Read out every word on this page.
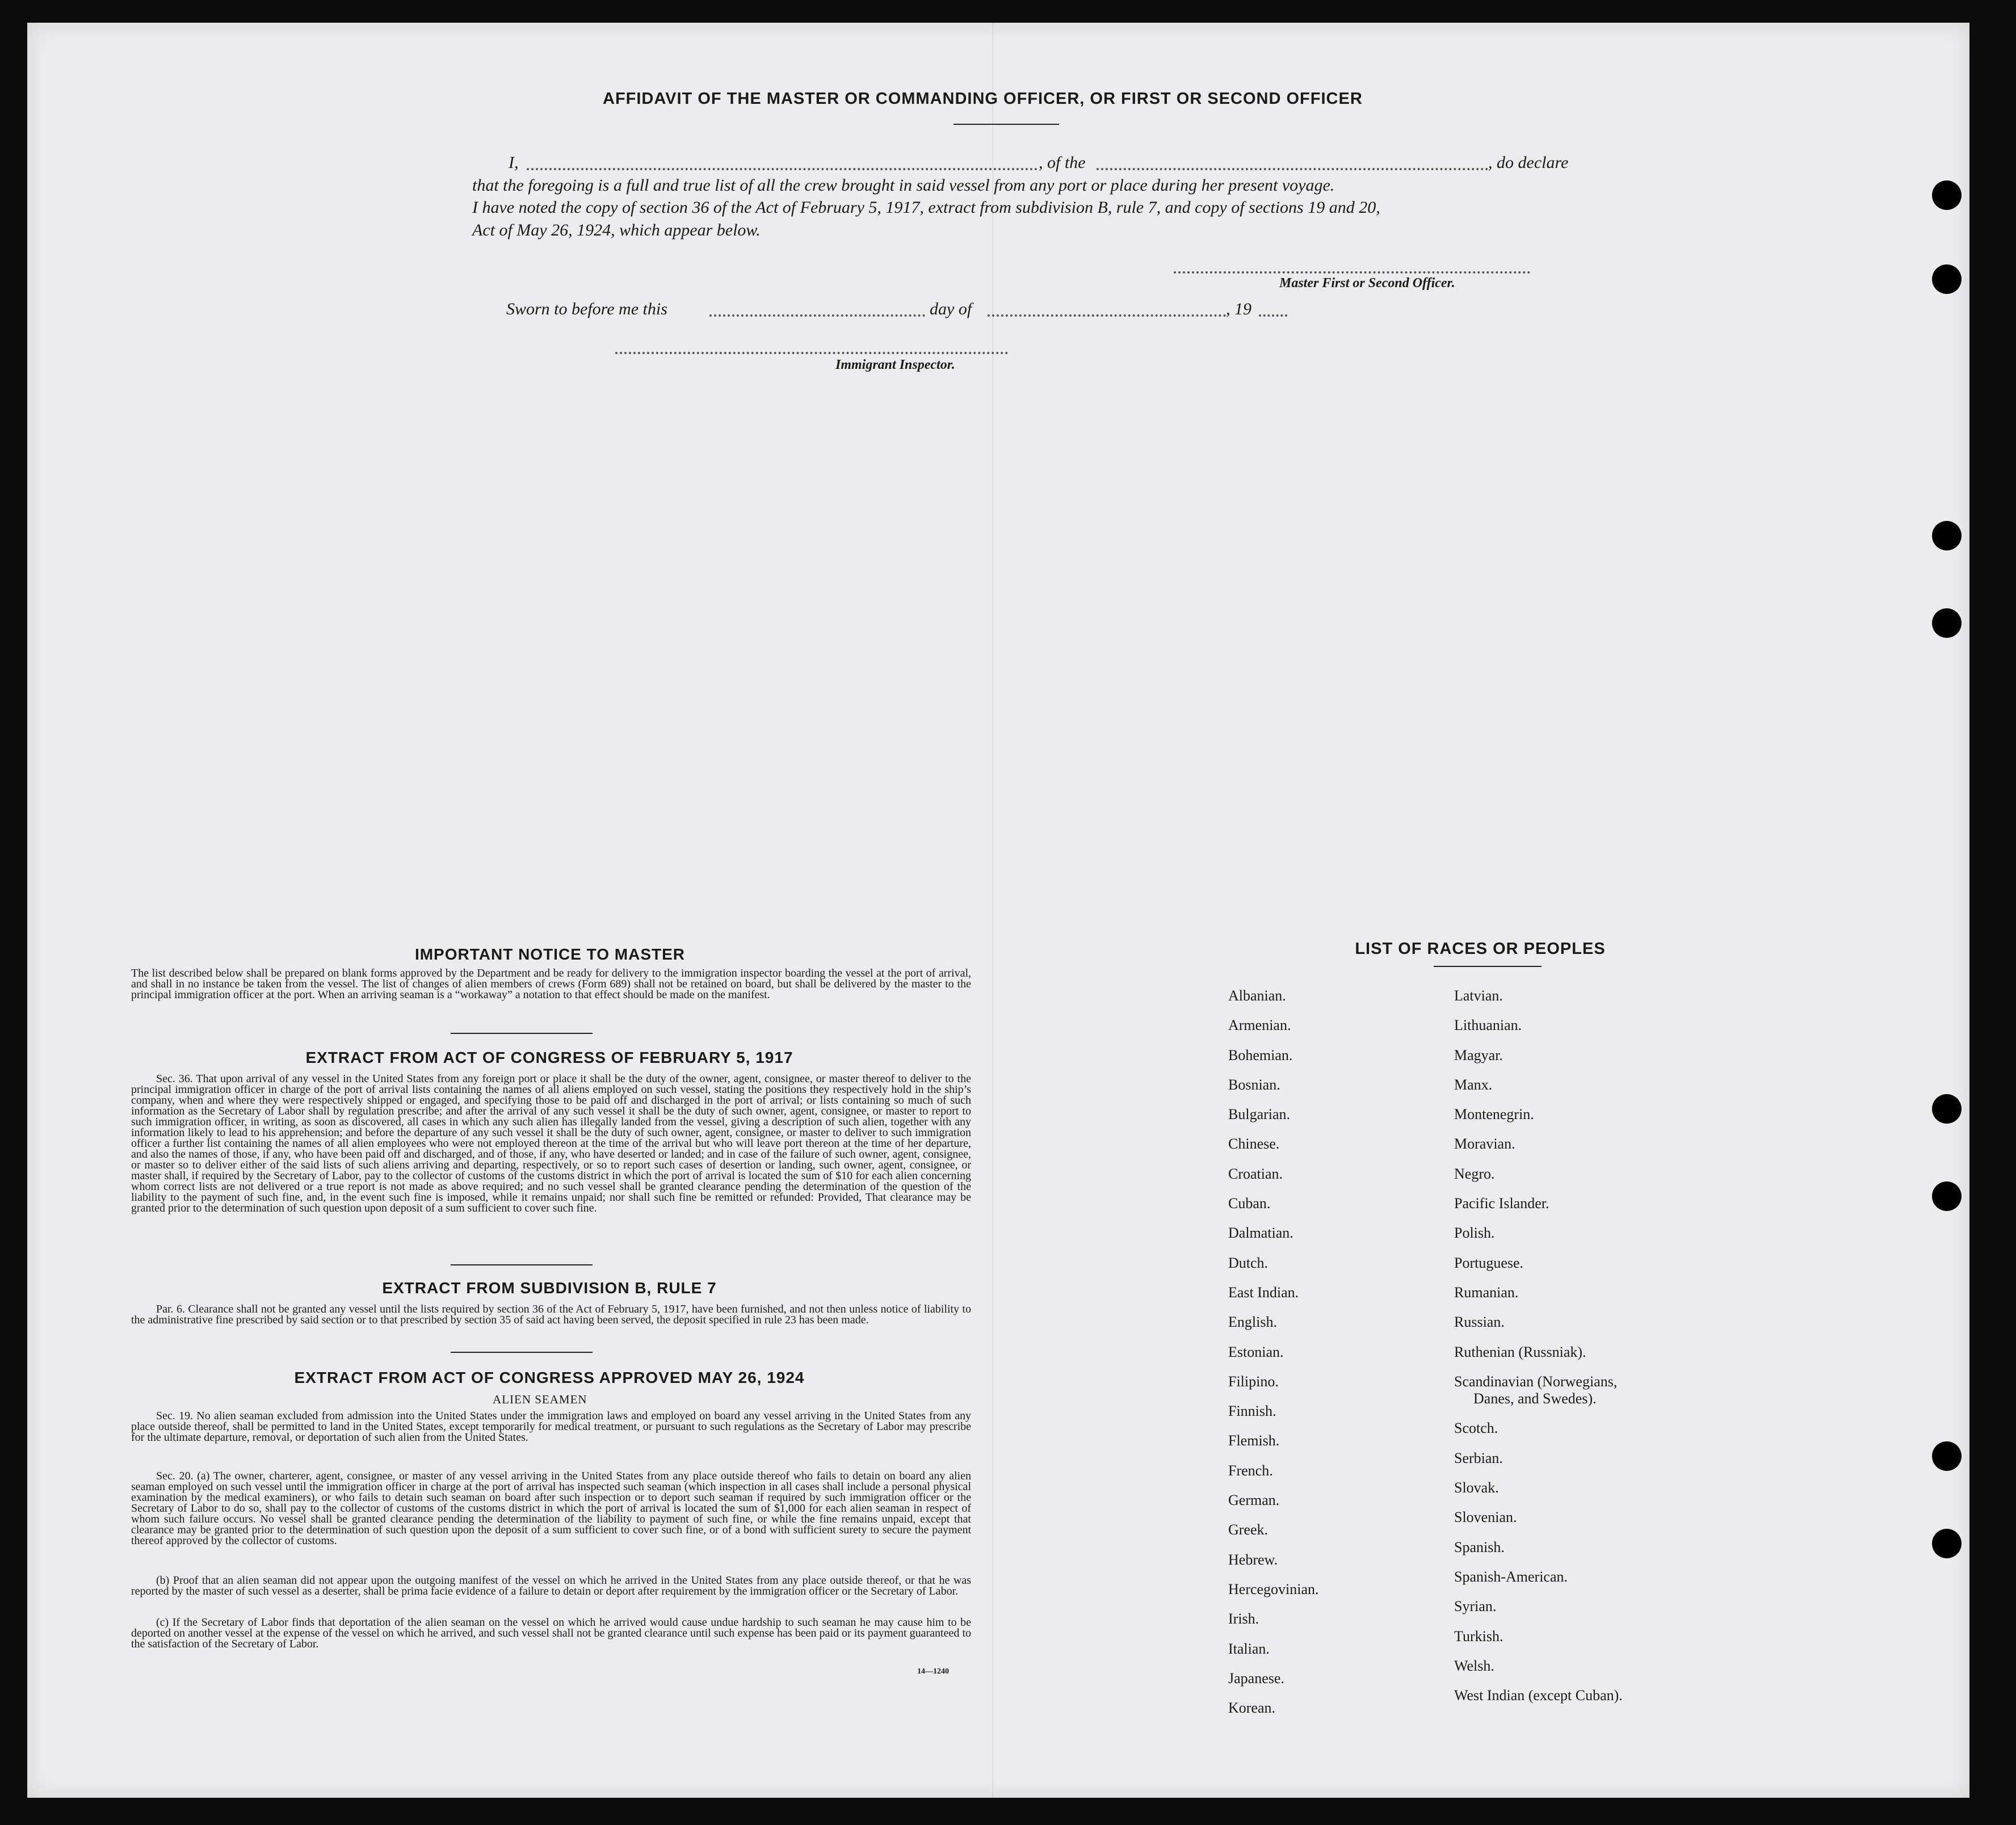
AFFIDAVIT OF THE MASTER OR COMMANDING OFFICER, OR FIRST OR SECOND OFFICER
I,	, of the	, do declare
that the foregoing is a full and true list of all the crew brought in said vessel from any port or place during her present voyage.
I have noted the copy of section 36 of the Act of February 5, 1917, extract from subdivision B, rule 7, and copy of sections 19 and 20,
Act of May 26, 1924, which appear below.
Master First or Second Officer.
Sworn to before me this	day of	, 19
Immigrant Inspector.
IMPORTANT NOTICE TO MASTER
The list described below shall be prepared on blank forms approved by the Department and be ready for delivery to the immigration inspector boarding the vessel at the port of arrival, and shall in no instance be taken from the vessel. The list of changes of alien members of crews (Form 689) shall not be retained on board, but shall be delivered by the master to the principal immigration officer at the port. When an arriving seaman is a “workaway” a notation to that effect should be made on the manifest.
EXTRACT FROM ACT OF CONGRESS OF FEBRUARY 5, 1917
Sec. 36. That upon arrival of any vessel in the United States from any foreign port or place it shall be the duty of the owner, agent, consignee, or master thereof to deliver to the principal immigration officer in charge of the port of arrival lists containing the names of all aliens employed on such vessel, stating the positions they respectively hold in the ship’s company, when and where they were respectively shipped or engaged, and specifying those to be paid off and discharged in the port of arrival; or lists containing so much of such information as the Secretary of Labor shall by regulation prescribe; and after the arrival of any such vessel it shall be the duty of such owner, agent, consignee, or master to report to such immigration officer, in writing, as soon as discovered, all cases in which any such alien has illegally landed from the vessel, giving a description of such alien, together with any information likely to lead to his apprehension; and before the departure of any such vessel it shall be the duty of such owner, agent, consignee, or master to deliver to such immigration officer a further list containing the names of all alien employees who were not employed thereon at the time of the arrival but who will leave port thereon at the time of her departure, and also the names of those, if any, who have been paid off and discharged, and of those, if any, who have deserted or landed; and in case of the failure of such owner, agent, consignee, or master so to deliver either of the said lists of such aliens arriving and departing, respectively, or so to report such cases of desertion or landing, such owner, agent, consignee, or master shall, if required by the Secretary of Labor, pay to the collector of customs of the customs district in which the port of arrival is located the sum of $10 for each alien concerning whom correct lists are not delivered or a true report is not made as above required; and no such vessel shall be granted clearance pending the determination of the question of the liability to the payment of such fine, and, in the event such fine is imposed, while it remains unpaid; nor shall such fine be remitted or refunded: Provided, That clearance may be granted prior to the determination of such question upon deposit of a sum sufficient to cover such fine.
EXTRACT FROM SUBDIVISION B, RULE 7
Par. 6. Clearance shall not be granted any vessel until the lists required by section 36 of the Act of February 5, 1917, have been furnished, and not then unless notice of liability to the administrative fine prescribed by said section or to that prescribed by section 35 of said act having been served, the deposit specified in rule 23 has been made.
EXTRACT FROM ACT OF CONGRESS APPROVED MAY 26, 1924
ALIEN SEAMEN
Sec. 19. No alien seaman excluded from admission into the United States under the immigration laws and employed on board any vessel arriving in the United States from any place outside thereof, shall be permitted to land in the United States, except temporarily for medical treatment, or pursuant to such regulations as the Secretary of Labor may prescribe for the ultimate departure, removal, or deportation of such alien from the United States.
Sec. 20. (a) The owner, charterer, agent, consignee, or master of any vessel arriving in the United States from any place outside thereof who fails to detain on board any alien seaman employed on such vessel until the immigration officer in charge at the port of arrival has inspected such seaman (which inspection in all cases shall include a personal physical examination by the medical examiners), or who fails to detain such seaman on board after such inspection or to deport such seaman if required by such immigration officer or the Secretary of Labor to do so, shall pay to the collector of customs of the customs district in which the port of arrival is located the sum of $1,000 for each alien seaman in respect of whom such failure occurs. No vessel shall be granted clearance pending the determination of the liability to payment of such fine, or while the fine remains unpaid, except that clearance may be granted prior to the determination of such question upon the deposit of a sum sufficient to cover such fine, or of a bond with sufficient surety to secure the payment thereof approved by the collector of customs.
(b) Proof that an alien seaman did not appear upon the outgoing manifest of the vessel on which he arrived in the United States from any place outside thereof, or that he was reported by the master of such vessel as a deserter, shall be prima facie evidence of a failure to detain or deport after requirement by the immigration officer or the Secretary of Labor.
(c) If the Secretary of Labor finds that deportation of the alien seaman on the vessel on which he arrived would cause undue hardship to such seaman he may cause him to be deported on another vessel at the expense of the vessel on which he arrived, and such vessel shall not be granted clearance until such expense has been paid or its payment guaranteed to the satisfaction of the Secretary of Labor.
14—1240
LIST OF RACES OR PEOPLES
Albanian.
Armenian.
Bohemian.
Bosnian.
Bulgarian.
Chinese.
Croatian.
Cuban.
Dalmatian.
Dutch.
East Indian.
English.
Estonian.
Filipino.
Finnish.
Flemish.
French.
German.
Greek.
Hebrew.
Hercegovinian.
Irish.
Italian.
Japanese.
Korean.
Latvian.
Lithuanian.
Magyar.
Manx.
Montenegrin.
Moravian.
Negro.
Pacific Islander.
Polish.
Portuguese.
Rumanian.
Russian.
Ruthenian (Russniak).
Scandinavian (Norwegians,
Danes, and Swedes).
Scotch.
Serbian.
Slovak.
Slovenian.
Spanish.
Spanish-American.
Syrian.
Turkish.
Welsh.
West Indian (except Cuban).
